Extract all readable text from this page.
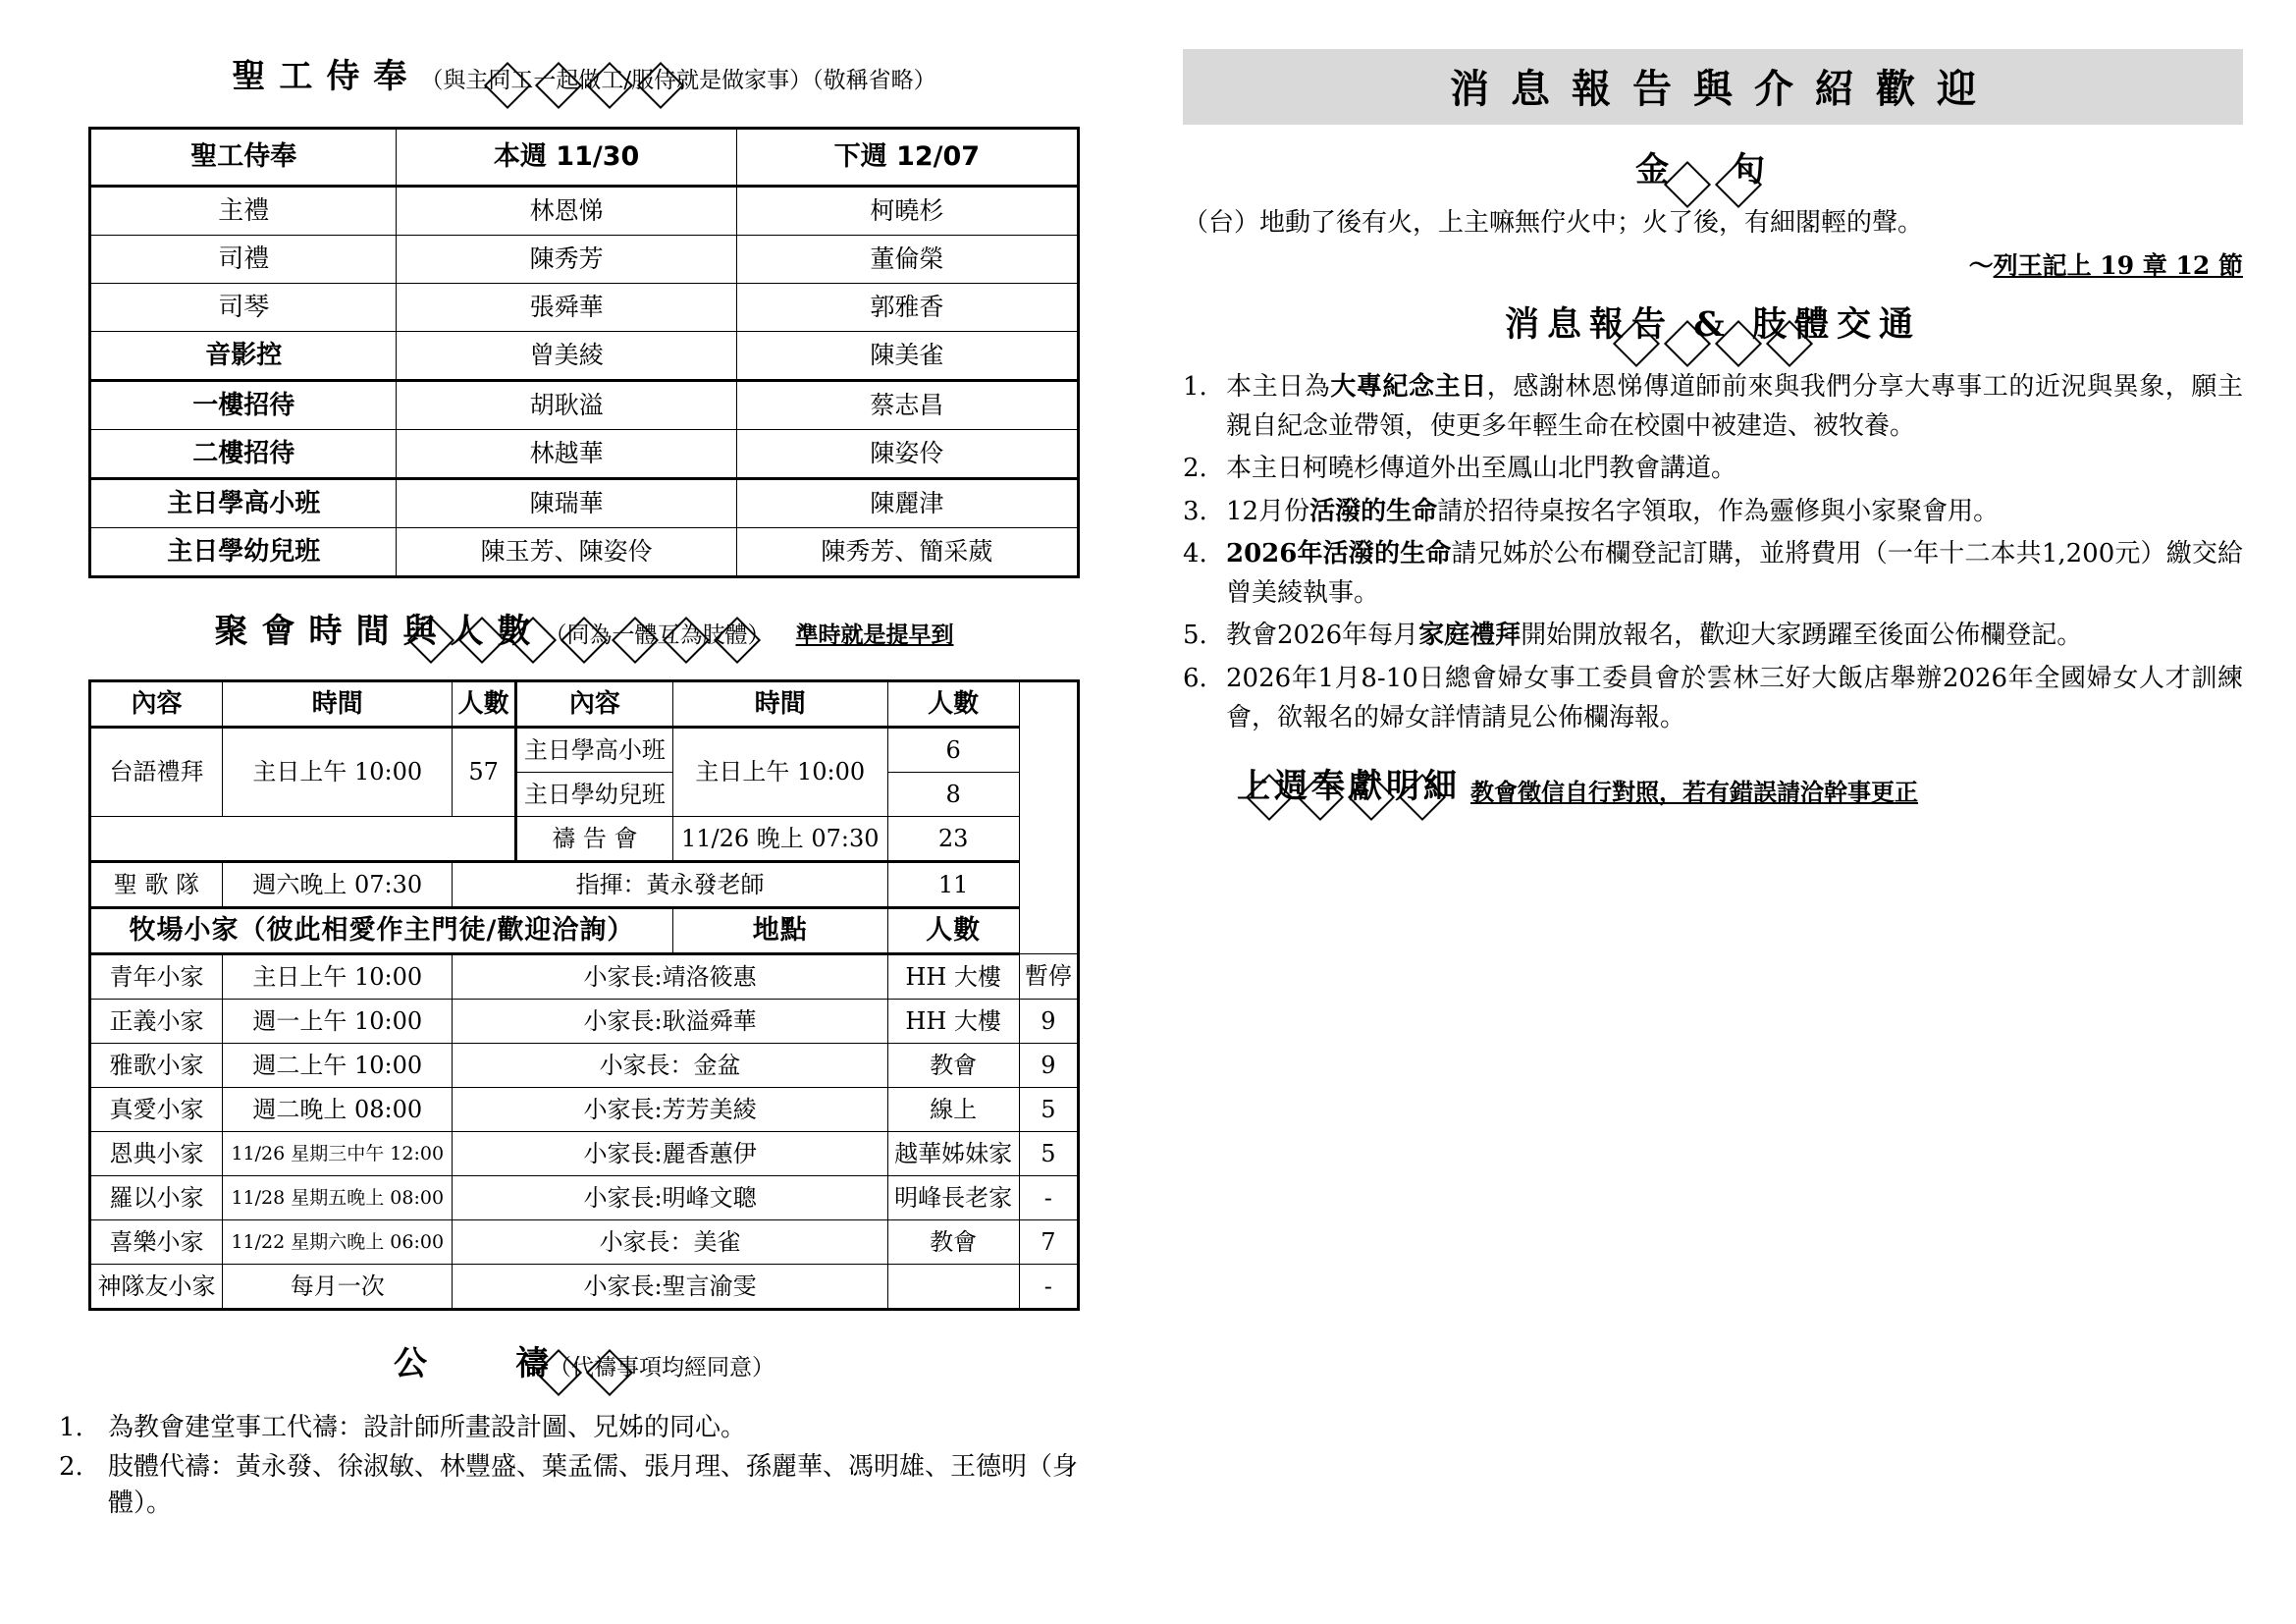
聖工侍奉（與主同工一起做工/服侍就是做家事）（敬稱省略）
聖工侍奉	本週 11/30	下週 12/07
主禮	林恩悌	柯曉杉
司禮	陳秀芳	董倫榮
司琴	張舜華	郭雅香
音影控	曾美綾	陳美雀
一樓招待	胡耿溢	蔡志昌
二樓招待	林越華	陳姿伶
主日學高小班	陳瑞華	陳麗津
主日學幼兒班	陳玉芳、陳姿伶	陳秀芳、簡采葳
聚會時間與人數（同為一體互為肢體） 準時就是提早到
內容	時間	人數	內容	時間	人數	
台語禮拜	主日上午 10:00	57	主日學高小班	主日上午 10:00	6	
			主日學幼兒班		8	
			禱 告 會	11/26 晚上 07:30	23	
聖 歌 隊	週六晚上 07:30	指揮：黃永發老師			11	
牧場小家（彼此相愛作主門徒/歡迎洽詢）				地點	人數	
青年小家	主日上午 10:00	小家長:靖洛筱惠			HH 大樓	暫停
正義小家	週一上午 10:00	小家長:耿溢舜華			HH 大樓	9
雅歌小家	週二上午 10:00	小家長：金盆			教會	9
真愛小家	週二晚上 08:00	小家長:芳芳美綾			線上	5
恩典小家	11/26 星期三中午 12:00	小家長:麗香蕙伊			越華姊妹家	5
羅以小家	11/28 星期五晚上 08:00	小家長:明峰文聰			明峰長老家	-
喜樂小家	11/22 星期六晚上 06:00	小家長：美雀			教會	7
神隊友小家	每月一次	小家長:聖言渝雯				-
公	禱（代禱事項均經同意）
1. 為教會建堂事工代禱：設計師所畫設計圖、兄姊的同心。
2. 肢體代禱：黃永發、徐淑敏、林豐盛、葉孟儒、張月理、孫麗華、馮明雄、王德明（身體）。
消息報告與介紹歡迎
金 句
（台）地動了後有火，上主嘛無佇火中；火了後，有細閣輕的聲。
～列王記上 19 章 12 節
消息報告 & 肢體交通
1. 本主日為大專紀念主日，感謝林恩悌傳道師前來與我們分享大專事工的近況與異象，願主親自紀念並帶領，使更多年輕生命在校園中被建造、被牧養。
2. 本主日柯曉杉傳道外出至鳳山北門教會講道。
3. 12月份活潑的生命請於招待桌按名字領取，作為靈修與小家聚會用。
4. 2026年活潑的生命請兄姊於公布欄登記訂購，並將費用（一年十二本共1,200元）繳交給曾美綾執事。
5. 教會2026年每月家庭禮拜開始開放報名，歡迎大家踴躍至後面公佈欄登記。
6. 2026年1月8-10日總會婦女事工委員會於雲林三好大飯店舉辦2026年全國婦女人才訓練會，欲報名的婦女詳情請見公佈欄海報。
上週奉獻明細 教會徵信自行對照，若有錯誤請洽幹事更正
